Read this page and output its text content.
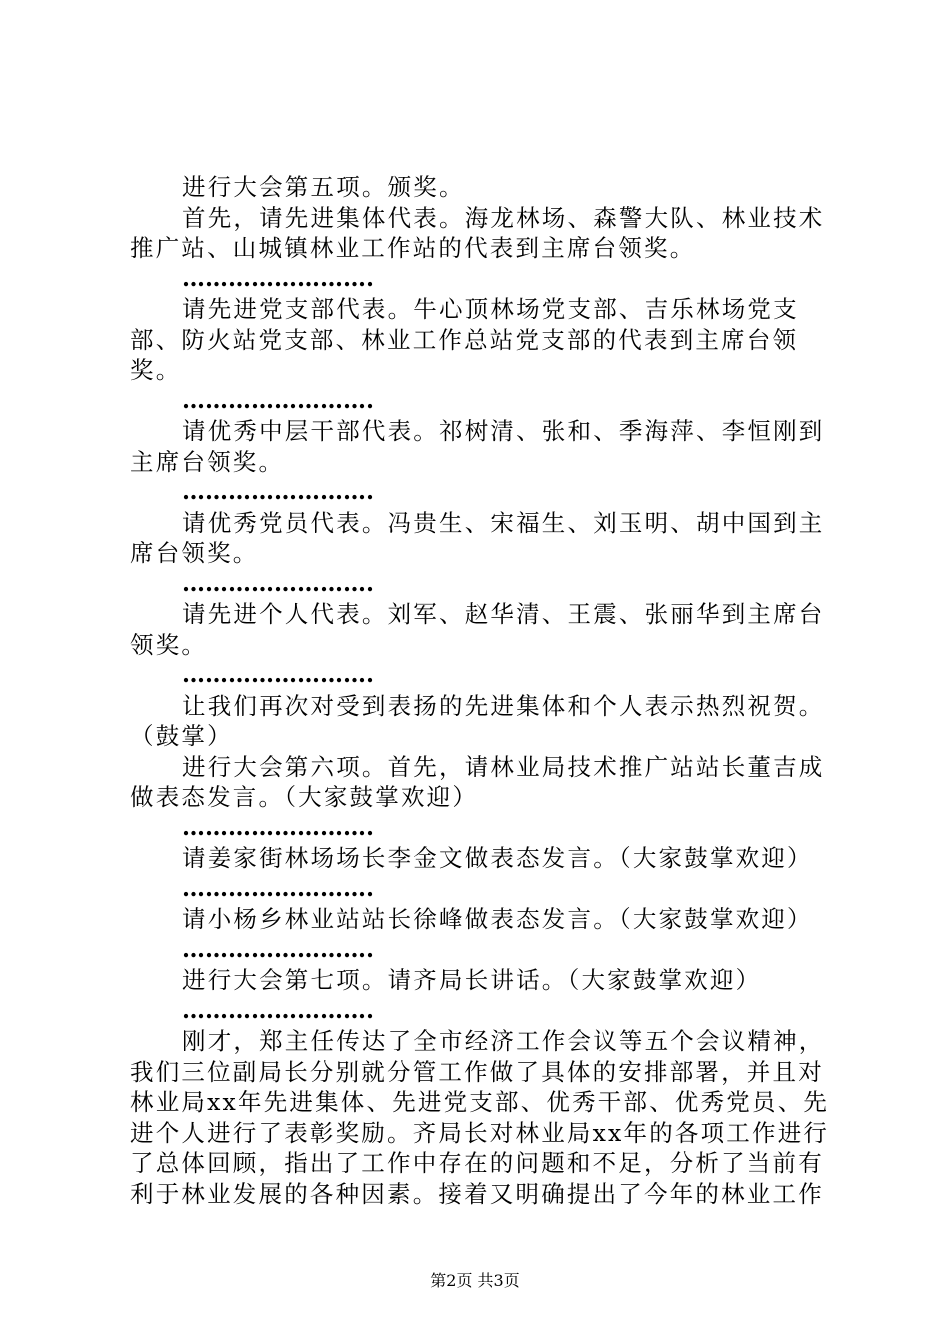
进行大会第五项。颁奖。

首先，请先进集体代表。海龙林场、森警大队、林业技术推广站、山城镇林业工作站的代表到主席台领奖。

…………………….

请先进党支部代表。牛心顶林场党支部、吉乐林场党支部、防火站党支部、林业工作总站党支部的代表到主席台领奖。

…………………….

请优秀中层干部代表。祁树清、张和、季海萍、李恒刚到主席台领奖。

…………………….

请优秀党员代表。冯贵生、宋福生、刘玉明、胡中国到主席台领奖。

…………………….

请先进个人代表。刘军、赵华清、王震、张丽华到主席台领奖。

…………………….

让我们再次对受到表扬的先进集体和个人表示热烈祝贺。（鼓掌）

进行大会第六项。首先，请林业局技术推广站站长董吉成做表态发言。（大家鼓掌欢迎）

…………………….

请姜家街林场场长李金文做表态发言。（大家鼓掌欢迎）

…………………….

请小杨乡林业站站长徐峰做表态发言。（大家鼓掌欢迎）

…………………….

进行大会第七项。请齐局长讲话。（大家鼓掌欢迎）

…………………….

刚才，郑主任传达了全市经济工作会议等五个会议精神，我们三位副局长分别就分管工作做了具体的安排部署，并且对林业局xx年先进集体、先进党支部、优秀干部、优秀党员、先进个人进行了表彰奖励。齐局长对林业局xx年的各项工作进行了总体回顾，指出了工作中存在的问题和不足，分析了当前有利于林业发展的各种因素。接着又明确提出了今年的林业工作

第2页 共3页
